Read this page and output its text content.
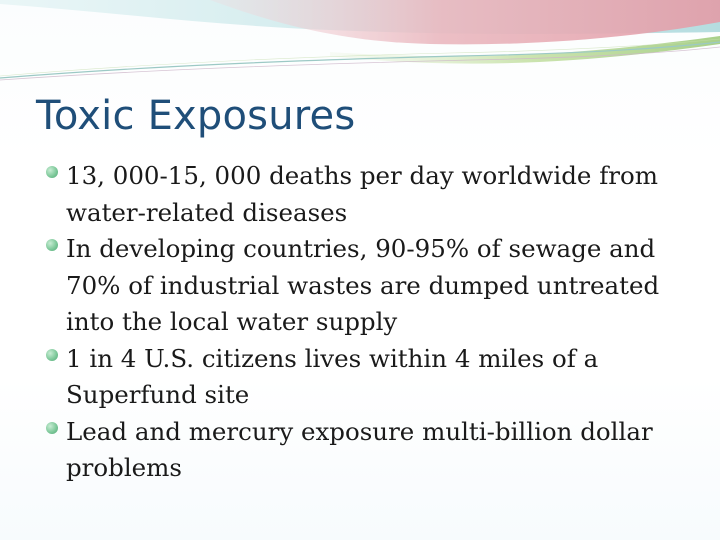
Toxic Exposures
13, 000-15, 000 deaths per day worldwide from
water-related diseases
In developing countries, 90-95% of sewage and
70% of industrial wastes are dumped untreated
into the local water supply
1 in 4 U.S. citizens lives within 4 miles of a
Superfund site
Lead and mercury exposure multi-billion dollar
problems
